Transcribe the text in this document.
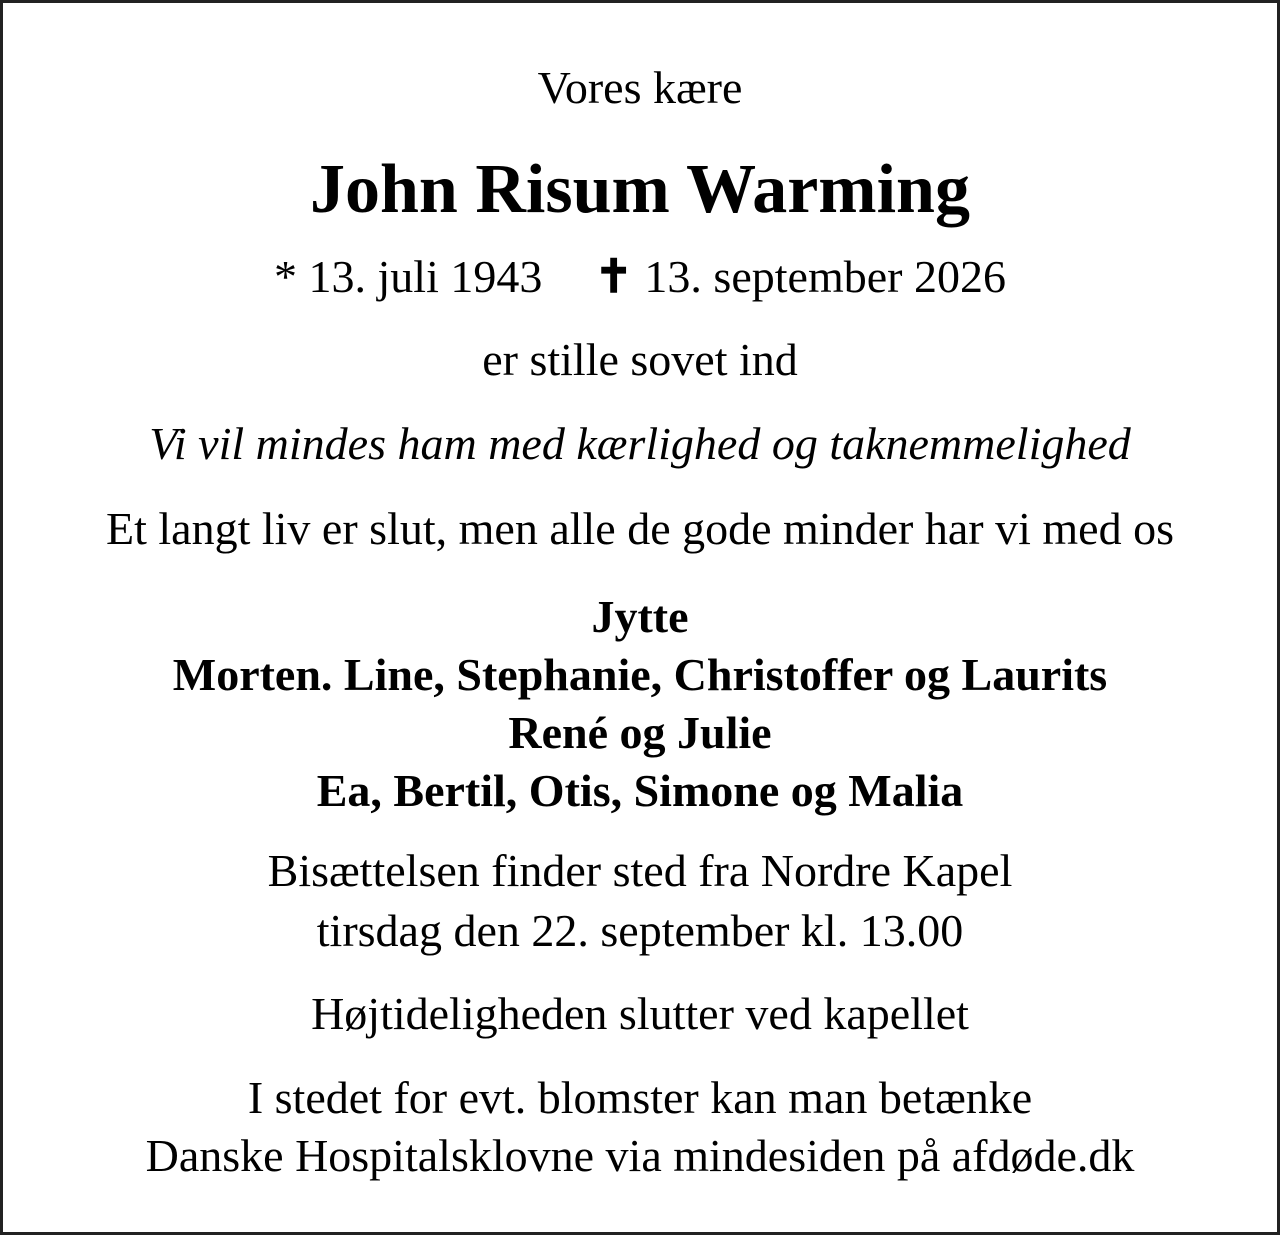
Vores kære
John Risum Warming
* 13. juli 1943 ✝ 13. september 2026
er stille sovet ind
Vi vil mindes ham med kærlighed og taknemmelighed
Et langt liv er slut, men alle de gode minder har vi med os
Jytte
Morten. Line, Stephanie, Christoffer og Laurits
René og Julie
Ea, Bertil, Otis, Simone og Malia
Bisættelsen finder sted fra Nordre Kapel
tirsdag den 22. september kl. 13.00
Højtideligheden slutter ved kapellet
I stedet for evt. blomster kan man betænke
Danske Hospitalsklovne via mindesiden på afdøde.dk
